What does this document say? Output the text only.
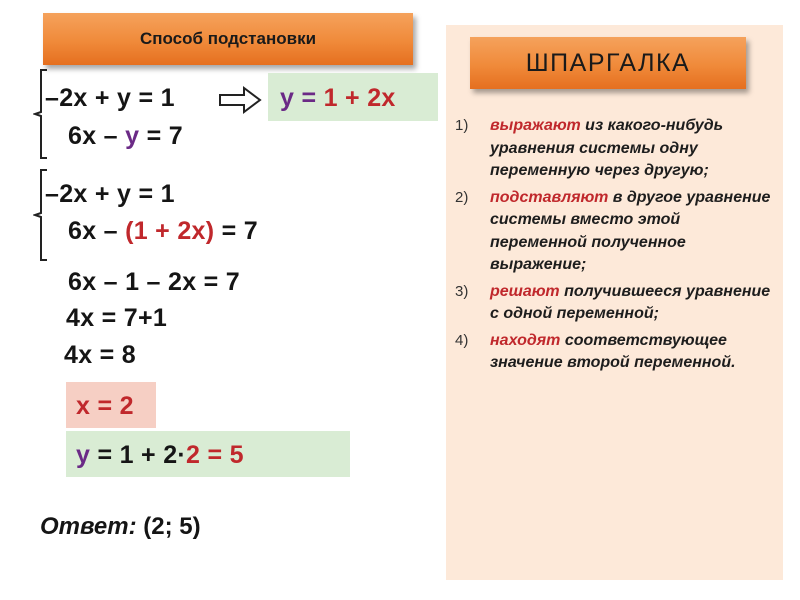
Способ подстановки
–2x + y = 1
6x – y = 7
y = 1 + 2x
–2x + y = 1
6x – (1 + 2x) = 7
6x – 1 – 2x = 7
4x = 7+1
4x = 8
x = 2
y = 1 + 2·2 = 5
Ответ: (2; 5)
ШПАРГАЛКА
1) выражают из какого-нибудь уравнения системы одну переменную через другую;
2) подставляют в другое уравнение системы вместо этой переменной полученное выражение;
3) решают получившееся уравнение с одной переменной;
4) находят соответствующее значение второй переменной.
